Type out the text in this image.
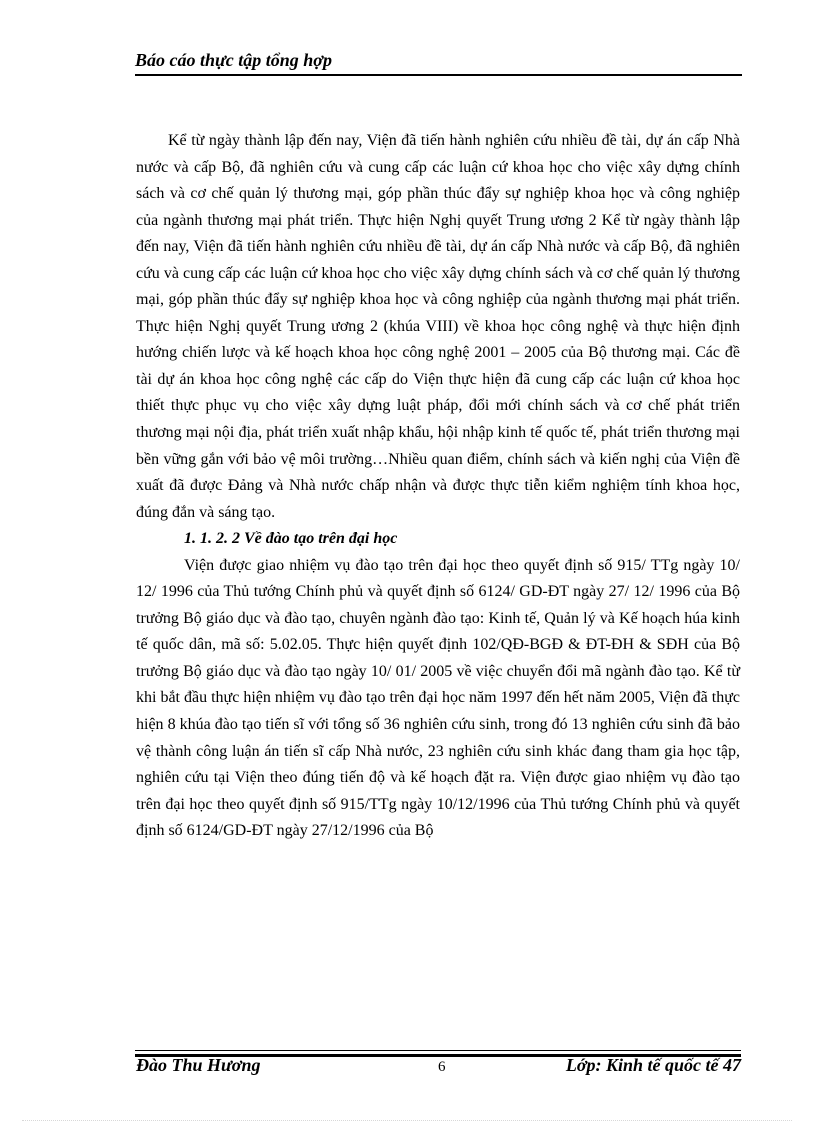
Báo cáo thực tập tổng hợp

Kể từ ngày thành lập đến nay, Viện đã tiến hành nghiên cứu nhiều đề tài, dự án cấp Nhà nước và cấp Bộ, đã nghiên cứu và cung cấp các luận cứ khoa học cho việc xây dựng chính sách và cơ chế quản lý thương mại, góp phần thúc đẩy sự nghiệp khoa học và công nghiệp của ngành thương mại phát triển. Thực hiện Nghị quyết Trung ương 2 Kể từ ngày thành lập đến nay, Viện đã tiến hành nghiên cứu nhiều đề tài, dự án cấp Nhà nước và cấp Bộ, đã nghiên cứu và cung cấp các luận cứ khoa học cho việc xây dựng chính sách và cơ chế quản lý thương mại, góp phần thúc đẩy sự nghiệp khoa học và công nghiệp của ngành thương mại phát triển. Thực hiện Nghị quyết Trung ương 2 (khúa VIII) về khoa học công nghệ và thực hiện định hướng chiến lược và kế hoạch khoa học công nghệ 2001 – 2005 của Bộ thương mại. Các đề tài dự án khoa học công nghệ các cấp do Viện thực hiện đã cung cấp các luận cứ khoa học thiết thực phục vụ cho việc xây dựng luật pháp, đổi mới chính sách và cơ chế phát triển thương mại nội địa, phát triển xuất nhập khẩu, hội nhập kinh tế quốc tế, phát triển thương mại bền vững gắn với bảo vệ môi trường…Nhiều quan điểm, chính sách và kiến nghị của Viện đề xuất đã được Đảng và Nhà nước chấp nhận và được thực tiễn kiểm nghiệm tính khoa học, đúng đắn và sáng tạo.

1. 1. 2. 2 Về đào tạo trên đại học

Viện được giao nhiệm vụ đào tạo trên đại học theo quyết định số 915/ TTg ngày 10/ 12/ 1996 của Thủ tướng Chính phủ và quyết định số 6124/ GD-ĐT ngày 27/ 12/ 1996 của Bộ trưởng Bộ giáo dục và đào tạo, chuyên ngành đào tạo: Kinh tế, Quản lý và Kế hoạch húa kinh tế quốc dân, mã số: 5.02.05. Thực hiện quyết định 102/QĐ-BGĐ & ĐT-ĐH & SĐH của Bộ trưởng Bộ giáo dục và đào tạo ngày 10/ 01/ 2005 về việc chuyển đổi mã ngành đào tạo. Kể từ khi bắt đầu thực hiện nhiệm vụ đào tạo trên đại học năm 1997 đến hết năm 2005, Viện đã thực hiện 8 khúa đào tạo tiến sĩ với tổng số 36 nghiên cứu sinh, trong đó 13 nghiên cứu sinh đã bảo vệ thành công luận án tiến sĩ cấp Nhà nước, 23 nghiên cứu sinh khác đang tham gia học tập, nghiên cứu tại Viện theo đúng tiến độ và kế hoạch đặt ra. Viện được giao nhiệm vụ đào tạo trên đại học theo quyết định số 915/TTg ngày 10/12/1996 của Thủ tướng Chính phủ và quyết định số 6124/GD-ĐT ngày 27/12/1996 của Bộ

Đào Thu Hương	6	Lớp: Kinh tế quốc tế 47
